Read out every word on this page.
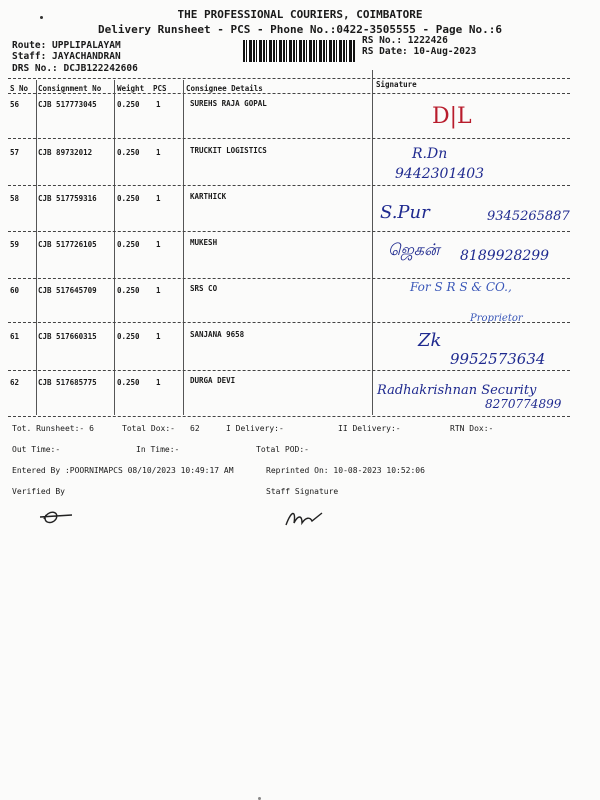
THE PROFESSIONAL COURIERS, COIMBATORE
Delivery Runsheet - PCS - Phone No.:0422-3505555 - Page No.:6
Route: UPPLIPALAYAM
Staff: JAYACHANDRAN
DRS No.: DCJB122242606
RS No.: 1222426
RS Date: 10-Aug-2023
S No Consignment No Weight PCS	Consignee Details	Signature
56	CJB 517773045	0.250 1	SUREHS RAJA GOPAL
D|L
57	CJB 89732012	0.250 1	TRUCKIT LOGISTICS	R.Dn
9442301403
58	CJB 517759316	0.250 1	KARTHICK
S.Pur	9345265887
59	CJB 517726105	0.250 1	MUKESH	ஜெகன் 8189928299
60	CJB 517645709	0.250 1	SRS CO	For S R S & CO.,
Proprietor
61	CJB 517660315	0.250 1	SANJANA 9658	Zk
9952573634
62	CJB 517685775	0.250 1	DURGA DEVI
Radhakrishnan Security
8270774899
Tot. Runsheet:- 6	Total Dox:- 62	I Delivery:-	II Delivery:-	RTN Dox:-
Out Time:-	In Time:-	Total POD:-
Entered By :POORNIMAPCS 08/10/2023 10:49:17 AM	Reprinted On: 10-08-2023 10:52:06
Verified By	Staff Signature
